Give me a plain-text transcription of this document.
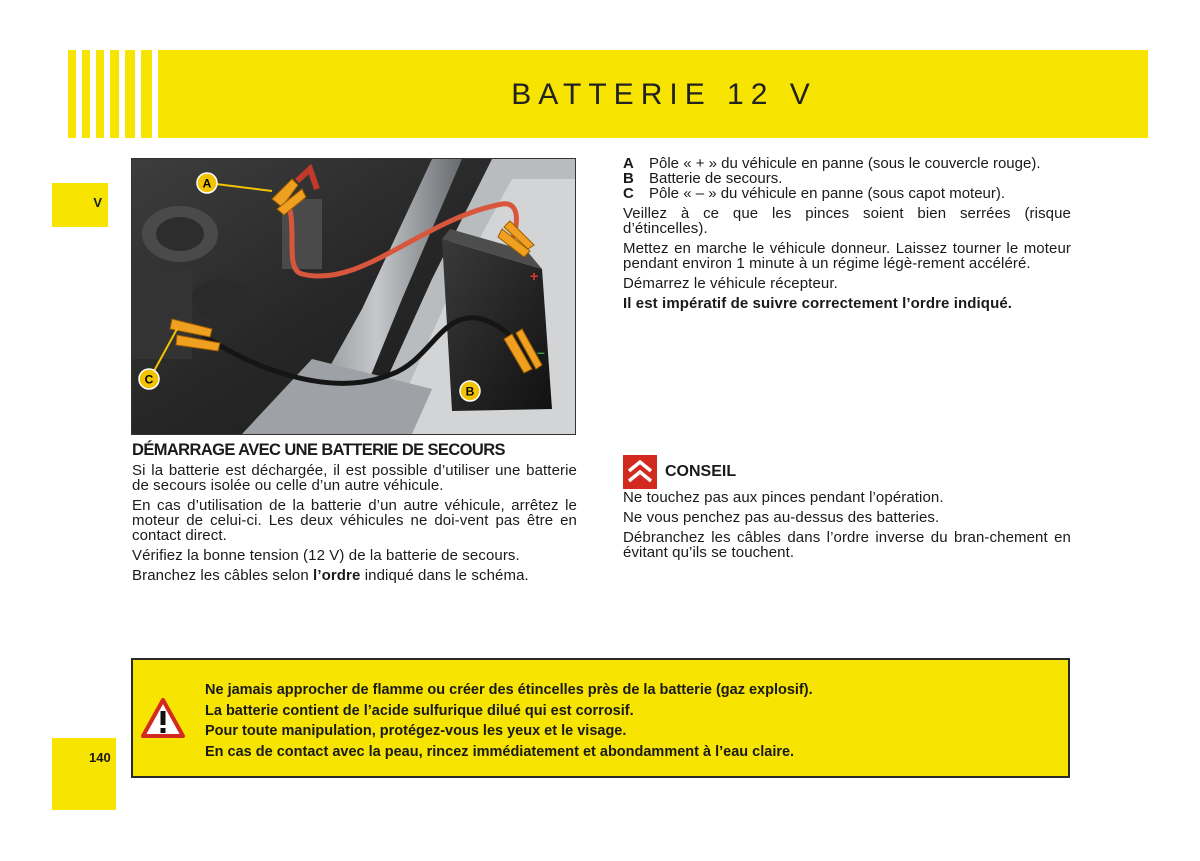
BATTERIE 12 V
V
140
+
–
A
C
B
A	Pôle « + » du véhicule en panne (sous le couvercle rouge).
B	Batterie de secours.
C	Pôle « – » du véhicule en panne (sous capot moteur).

Veillez à ce que les pinces soient bien serrées (risque d’étincelles).

Mettez en marche le véhicule donneur. Laissez tourner le moteur pendant environ 1 minute à un régime légè-rement accéléré.

Démarrez le véhicule récepteur.

Il est impératif de suivre correctement l’ordre indiqué.

DÉMARRAGE AVEC UNE BATTERIE DE SECOURS

Si la batterie est déchargée, il est possible d’utiliser une batterie de secours isolée ou celle d’un autre véhicule.

En cas d’utilisation de la batterie d’un autre véhicule, arrêtez le moteur de celui-ci. Les deux véhicules ne doi-vent pas être en contact direct.

Vérifiez la bonne tension (12 V) de la batterie de secours.

Branchez les câbles selon l’ordre indiqué dans le schéma.

CONSEIL

Ne touchez pas aux pinces pendant l’opération.

Ne vous penchez pas au-dessus des batteries.

Débranchez les câbles dans l’ordre inverse du bran-chement en évitant qu’ils se touchent.

Ne jamais approcher de flamme ou créer des étincelles près de la batterie (gaz explosif).
La batterie contient de l’acide sulfurique dilué qui est corrosif.
Pour toute manipulation, protégez-vous les yeux et le visage.
En cas de contact avec la peau, rincez immédiatement et abondamment à l’eau claire.
